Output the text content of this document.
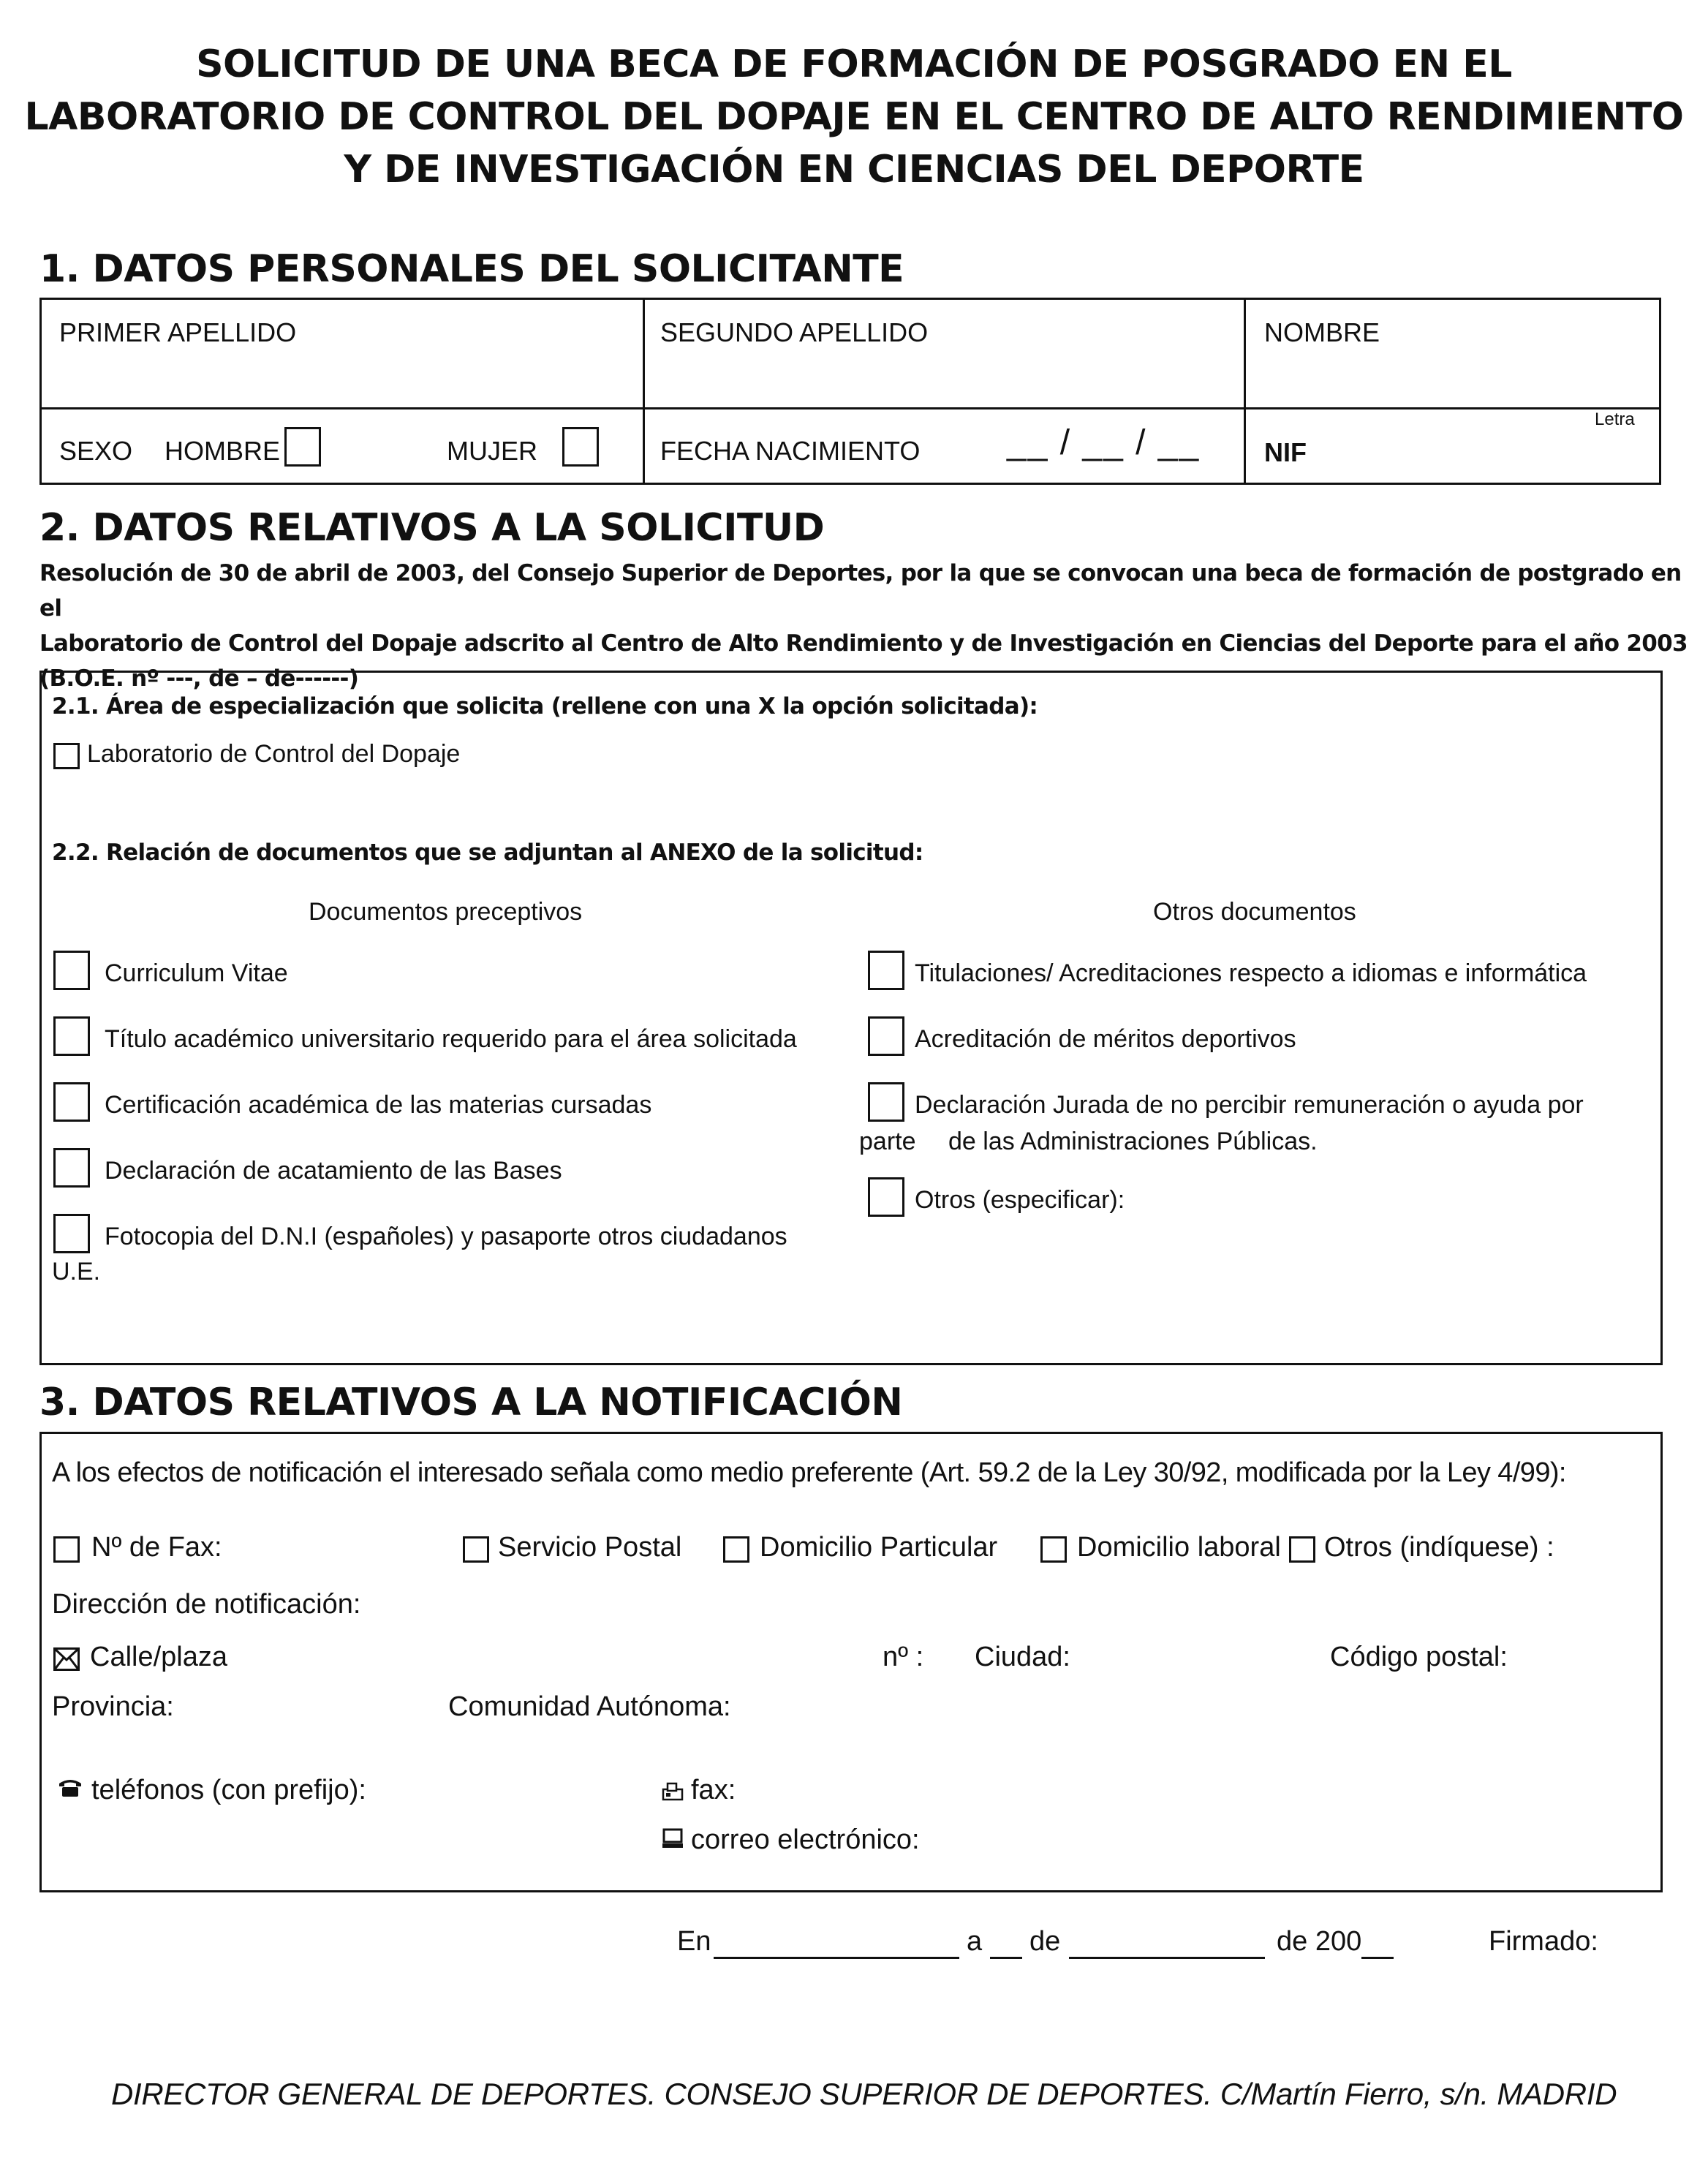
SOLICITUD DE UNA BECA DE FORMACIÓN DE POSGRADO EN EL
LABORATORIO DE CONTROL DEL DOPAJE EN EL CENTRO DE ALTO RENDIMIENTO
Y DE INVESTIGACIÓN EN CIENCIAS DEL DEPORTE
1. DATOS PERSONALES DEL SOLICITANTE
PRIMER APELLIDO	SEGUNDO APELLIDO	NOMBRE
SEXO HOMBRE	MUJER	FECHA NACIMIENTO __ / __ / __ NIF
Letra
2. DATOS RELATIVOS A LA SOLICITUD
Resolución de 30 de abril de 2003, del Consejo Superior de Deportes, por la que se convocan una beca de formación de postgrado en el
Laboratorio de Control del Dopaje adscrito al Centro de Alto Rendimiento y de Investigación en Ciencias del Deporte para el año 2003
(B.O.E. nº ---, de – de------)
2.1. Área de especialización que solicita (rellene con una X la opción solicitada):
Laboratorio de Control del Dopaje
2.2. Relación de documentos que se adjuntan al ANEXO de la solicitud:
Documentos preceptivos	Otros documentos
Curriculum Vitae
Título académico universitario requerido para el área solicitada
Certificación académica de las materias cursadas
Declaración de acatamiento de las Bases
Fotocopia del D.N.I (españoles) y pasaporte otros ciudadanos
U.E.
Titulaciones/ Acreditaciones respecto a idiomas e informática
Acreditación de méritos deportivos
Declaración Jurada de no percibir remuneración o ayuda por
parte de las Administraciones Públicas.
Otros (especificar):
3. DATOS RELATIVOS A LA NOTIFICACIÓN
A los efectos de notificación el interesado señala como medio preferente (Art. 59.2 de la Ley 30/92, modificada por la Ley 4/99):
Nº de Fax:	Servicio Postal	Domicilio Particular	Domicilio laboral Otros (indíquese) :
Dirección de notificación:
Calle/plaza	nº : Ciudad:	Código postal:
Provincia:	Comunidad Autónoma:
teléfonos (con prefijo):	fax:
correo electrónico:
En	a de	de 200	Firmado:
DIRECTOR GENERAL DE DEPORTES. CONSEJO SUPERIOR DE DEPORTES. C/Martín Fierro, s/n. MADRID
